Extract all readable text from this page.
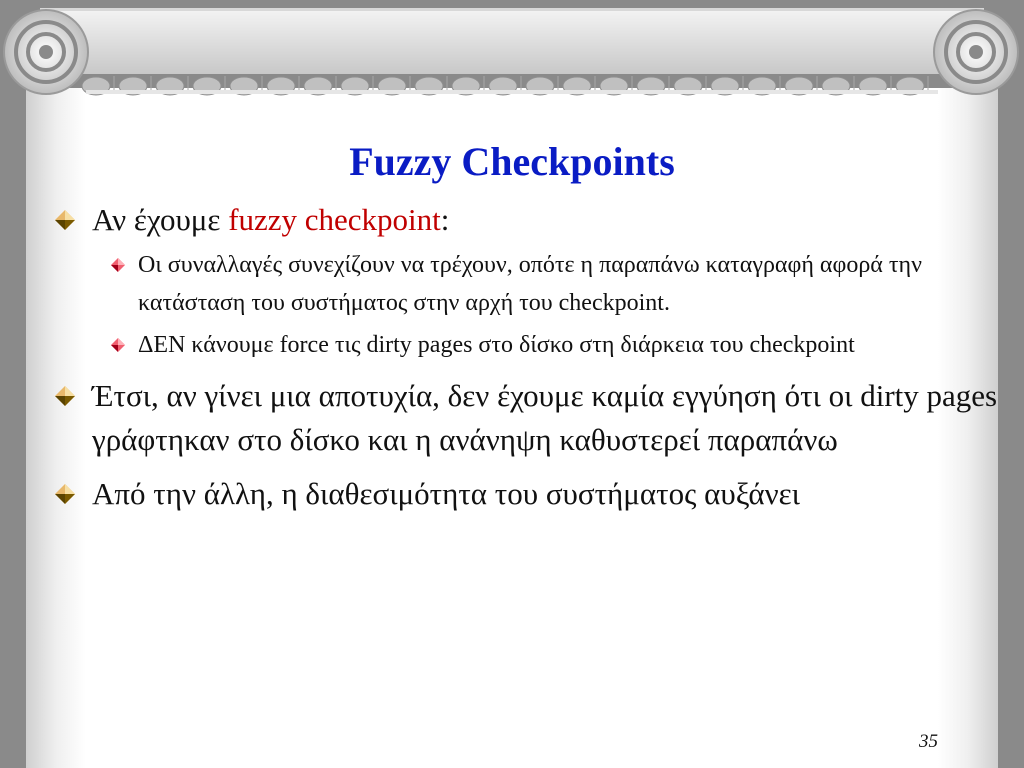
Fuzzy Checkpoints
Αν έχουμε fuzzy checkpoint:
Οι συναλλαγές συνεχίζουν να τρέχουν, οπότε η παραπάνω καταγραφή αφορά την κατάσταση του συστήματος στην αρχή του checkpoint.
ΔΕΝ κάνουμε force τις dirty pages στο δίσκο στη διάρκεια του checkpoint
Έτσι, αν γίνει μια αποτυχία, δεν έχουμε καμία εγγύηση ότι οι dirty pages γράφτηκαν στο δίσκο και η ανάνηψη καθυστερεί παραπάνω
Από την άλλη, η διαθεσιμότητα του συστήματος αυξάνει
35
